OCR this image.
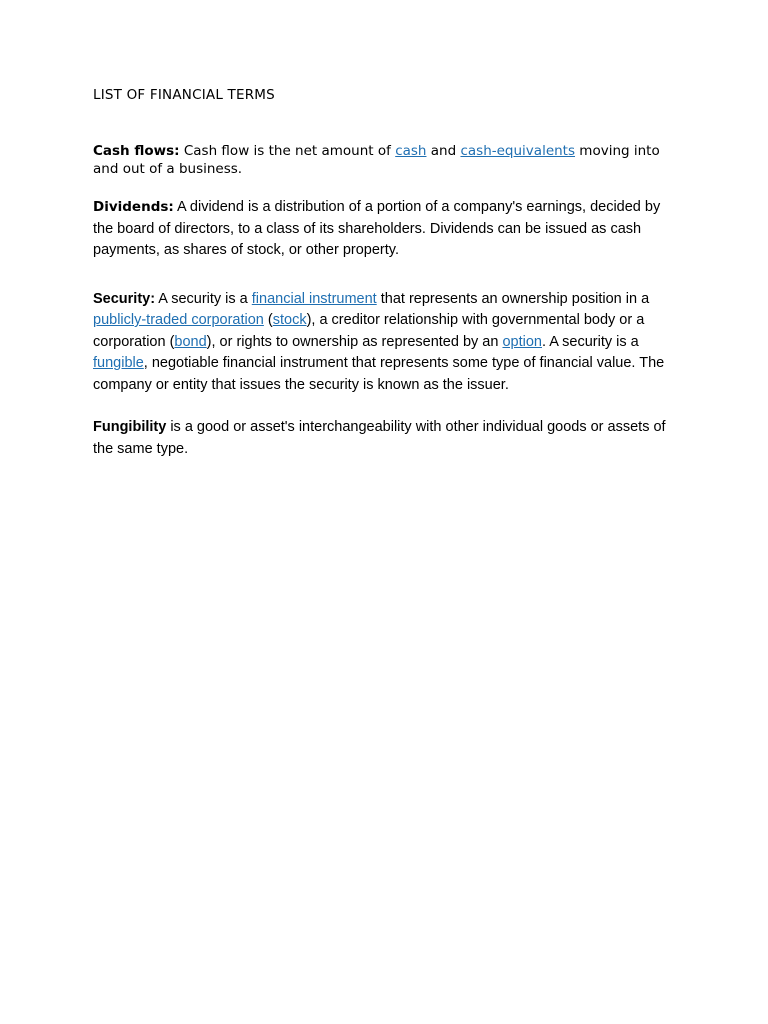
LIST OF FINANCIAL TERMS

Cash flows: Cash flow is the net amount of cash and cash-equivalents moving into and out of a business.

Dividends: A dividend is a distribution of a portion of a company's earnings, decided by the board of directors, to a class of its shareholders. Dividends can be issued as cash payments, as shares of stock, or other property.

Security: A security is a financial instrument that represents an ownership position in a publicly-traded corporation (stock), a creditor relationship with governmental body or a corporation (bond), or rights to ownership as represented by an option. A security is a fungible, negotiable financial instrument that represents some type of financial value. The company or entity that issues the security is known as the issuer.

Fungibility is a good or asset's interchangeability with other individual goods or assets of the same type.
